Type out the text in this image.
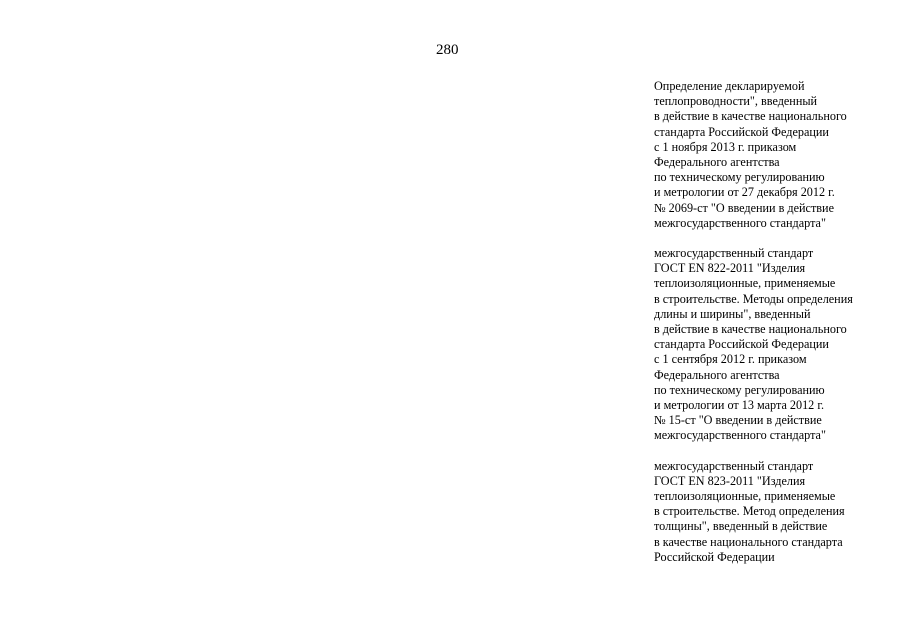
280
Определение декларируемой
теплопроводности", введенный
в действие в качестве национального
стандарта Российской Федерации
с 1 ноября 2013 г. приказом
Федерального агентства
по техническому регулированию
и метрологии от 27 декабря 2012 г.
№ 2069-ст "О введении в действие
межгосударственного стандарта"
межгосударственный стандарт
ГОСТ EN 822-2011 "Изделия
теплоизоляционные, применяемые
в строительстве. Методы определения
длины и ширины", введенный
в действие в качестве национального
стандарта Российской Федерации
с 1 сентября 2012 г. приказом
Федерального агентства
по техническому регулированию
и метрологии от 13 марта 2012 г.
№ 15-ст "О введении в действие
межгосударственного стандарта"
межгосударственный стандарт
ГОСТ EN 823-2011 "Изделия
теплоизоляционные, применяемые
в строительстве. Метод определения
толщины", введенный в действие
в качестве национального стандарта
Российской Федерации
